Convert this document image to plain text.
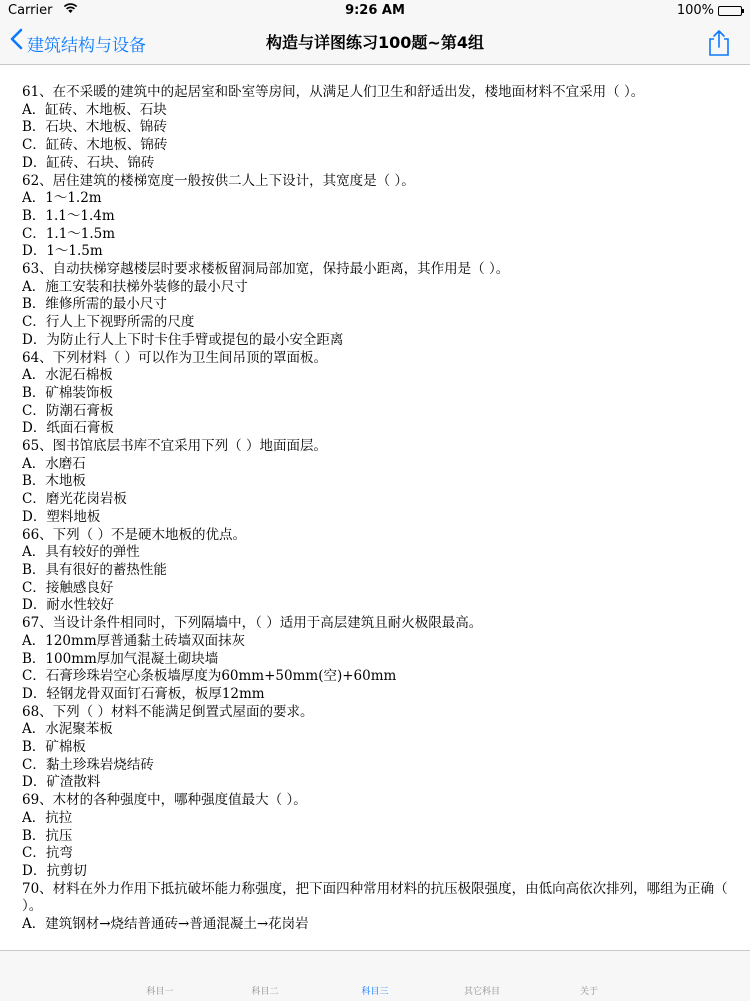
Carrier	9:26 AM	100%
建筑结构与设备	构造与详图练习100题~第4组

61、在不采暖的建筑中的起居室和卧室等房间，从满足人们卫生和舒适出发，楼地面材料不宜采用（ ）。

A．缸砖、木地板、石块

B．石块、木地板、锦砖

C．缸砖、木地板、锦砖

D．缸砖、石块、锦砖

62、居住建筑的楼梯宽度一般按供二人上下设计，其宽度是（ ）。

A．1～1.2m

B．1.1～1.4m

C．1.1～1.5m

D．1～1.5m

63、自动扶梯穿越楼层时要求楼板留洞局部加宽，保持最小距离，其作用是（ ）。

A．施工安装和扶梯外装修的最小尺寸

B．维修所需的最小尺寸

C．行人上下视野所需的尺度

D．为防止行人上下时卡住手臂或提包的最小安全距离

64、下列材料（ ）可以作为卫生间吊顶的罩面板。

A．水泥石棉板

B．矿棉装饰板

C．防潮石膏板

D．纸面石膏板

65、图书馆底层书库不宜采用下列（ ）地面面层。

A．水磨石

B．木地板

C．磨光花岗岩板

D．塑料地板

66、下列（ ）不是硬木地板的优点。

A．具有较好的弹性

B．具有很好的蓄热性能

C．接触感良好

D．耐水性较好

67、当设计条件相同时，下列隔墙中，（ ）适用于高层建筑且耐火极限最高。

A．120mm厚普通黏土砖墙双面抹灰

B．100mm厚加气混凝土砌块墙

C．石膏珍珠岩空心条板墙厚度为60mm+50mm(空)+60mm

D．轻钢龙骨双面钉石膏板，板厚12mm

68、下列（ ）材料不能满足倒置式屋面的要求。

A．水泥聚苯板

B．矿棉板

C．黏土珍珠岩烧结砖

D．矿渣散料

69、木材的各种强度中，哪种强度值最大（ ）。

A．抗拉

B．抗压

C．抗弯

D．抗剪切

70、材料在外力作用下抵抗破坏能力称强度，把下面四种常用材料的抗压极限强度，由低向高依次排列，哪组为正确（ ）。

A．建筑钢材→烧结普通砖→普通混凝土→花岗岩

科目一	科目二	科目三	其它科目	关于
